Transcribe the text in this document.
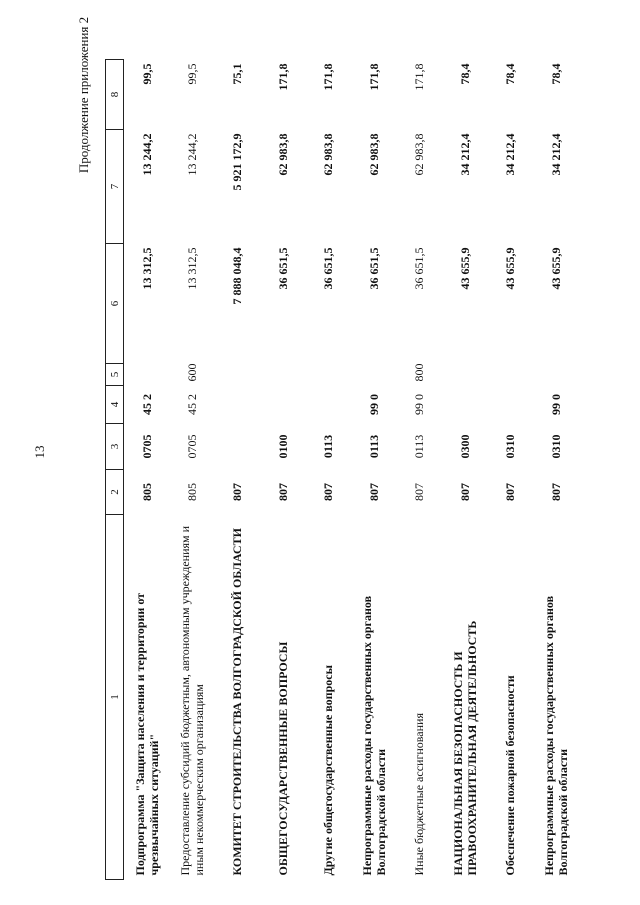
13
Продолжение приложения 2
1	2	3	4	5	6	7	8
Подпрограмма "Защита населения и территории от чрезвычайных ситуаций"	805	0705	45 2		13 312,5	13 244,2	99,5
Предоставление субсидий бюджетным, автономным учреждениям и иным некоммерческим организациям	805	0705	45 2	600	13 312,5	13 244,2	99,5
КОМИТЕТ СТРОИТЕЛЬСТВА ВОЛГОГРАДСКОЙ ОБЛАСТИ	807				7 888 048,4	5 921 172,9	75,1
ОБЩЕГОСУДАРСТВЕННЫЕ ВОПРОСЫ	807	0100			36 651,5	62 983,8	171,8
Другие общегосударственные вопросы	807	0113			36 651,5	62 983,8	171,8
Непрограммные расходы государственных органов Волгоградской области	807	0113	99 0		36 651,5	62 983,8	171,8
Иные бюджетные ассигнования	807	0113	99 0	800	36 651,5	62 983,8	171,8
НАЦИОНАЛЬНАЯ БЕЗОПАСНОСТЬ И ПРАВООХРАНИТЕЛЬНАЯ ДЕЯТЕЛЬНОСТЬ	807	0300			43 655,9	34 212,4	78,4
Обеспечение пожарной безопасности	807	0310			43 655,9	34 212,4	78,4
Непрограммные расходы государственных органов Волгоградской области	807	0310	99 0		43 655,9	34 212,4	78,4
